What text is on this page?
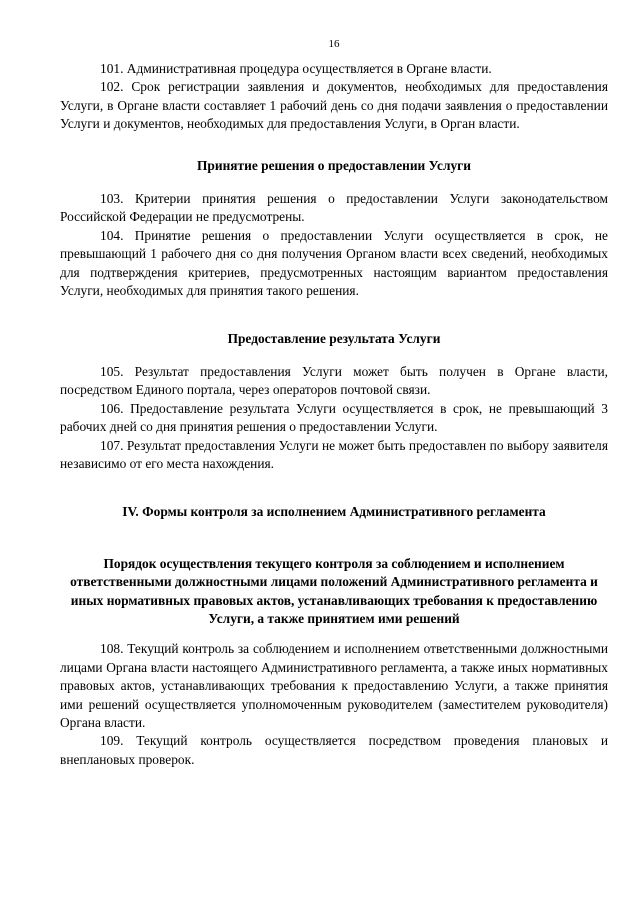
16

101. Административная процедура осуществляется в Органе власти.

102. Срок регистрации заявления и документов, необходимых для предоставления Услуги, в Органе власти составляет 1 рабочий день со дня подачи заявления о предоставлении Услуги и документов, необходимых для предоставления Услуги, в Орган власти.

Принятие решения о предоставлении Услуги

103. Критерии принятия решения о предоставлении Услуги законодательством Российской Федерации не предусмотрены.

104. Принятие решения о предоставлении Услуги осуществляется в срок, не превышающий 1 рабочего дня со дня получения Органом власти всех сведений, необходимых для подтверждения критериев, предусмотренных настоящим вариантом предоставления Услуги, необходимых для принятия такого решения.

Предоставление результата Услуги

105. Результат предоставления Услуги может быть получен в Органе власти, посредством Единого портала, через операторов почтовой связи.

106. Предоставление результата Услуги осуществляется в срок, не превышающий 3 рабочих дней со дня принятия решения о предоставлении Услуги.

107. Результат предоставления Услуги не может быть предоставлен по выбору заявителя независимо от его места нахождения.

IV. Формы контроля за исполнением Административного регламента
Порядок осуществления текущего контроля за соблюдением и исполнением ответственными должностными лицами положений Административного регламента и иных нормативных правовых актов, устанавливающих требования к предоставлению Услуги, а также принятием ими решений

108. Текущий контроль за соблюдением и исполнением ответственными должностными лицами Органа власти настоящего Административного регламента, а также иных нормативных правовых актов, устанавливающих требования к предоставлению Услуги, а также принятия ими решений осуществляется уполномоченным руководителем (заместителем руководителя) Органа власти.

109. Текущий контроль осуществляется посредством проведения плановых и внеплановых проверок.
